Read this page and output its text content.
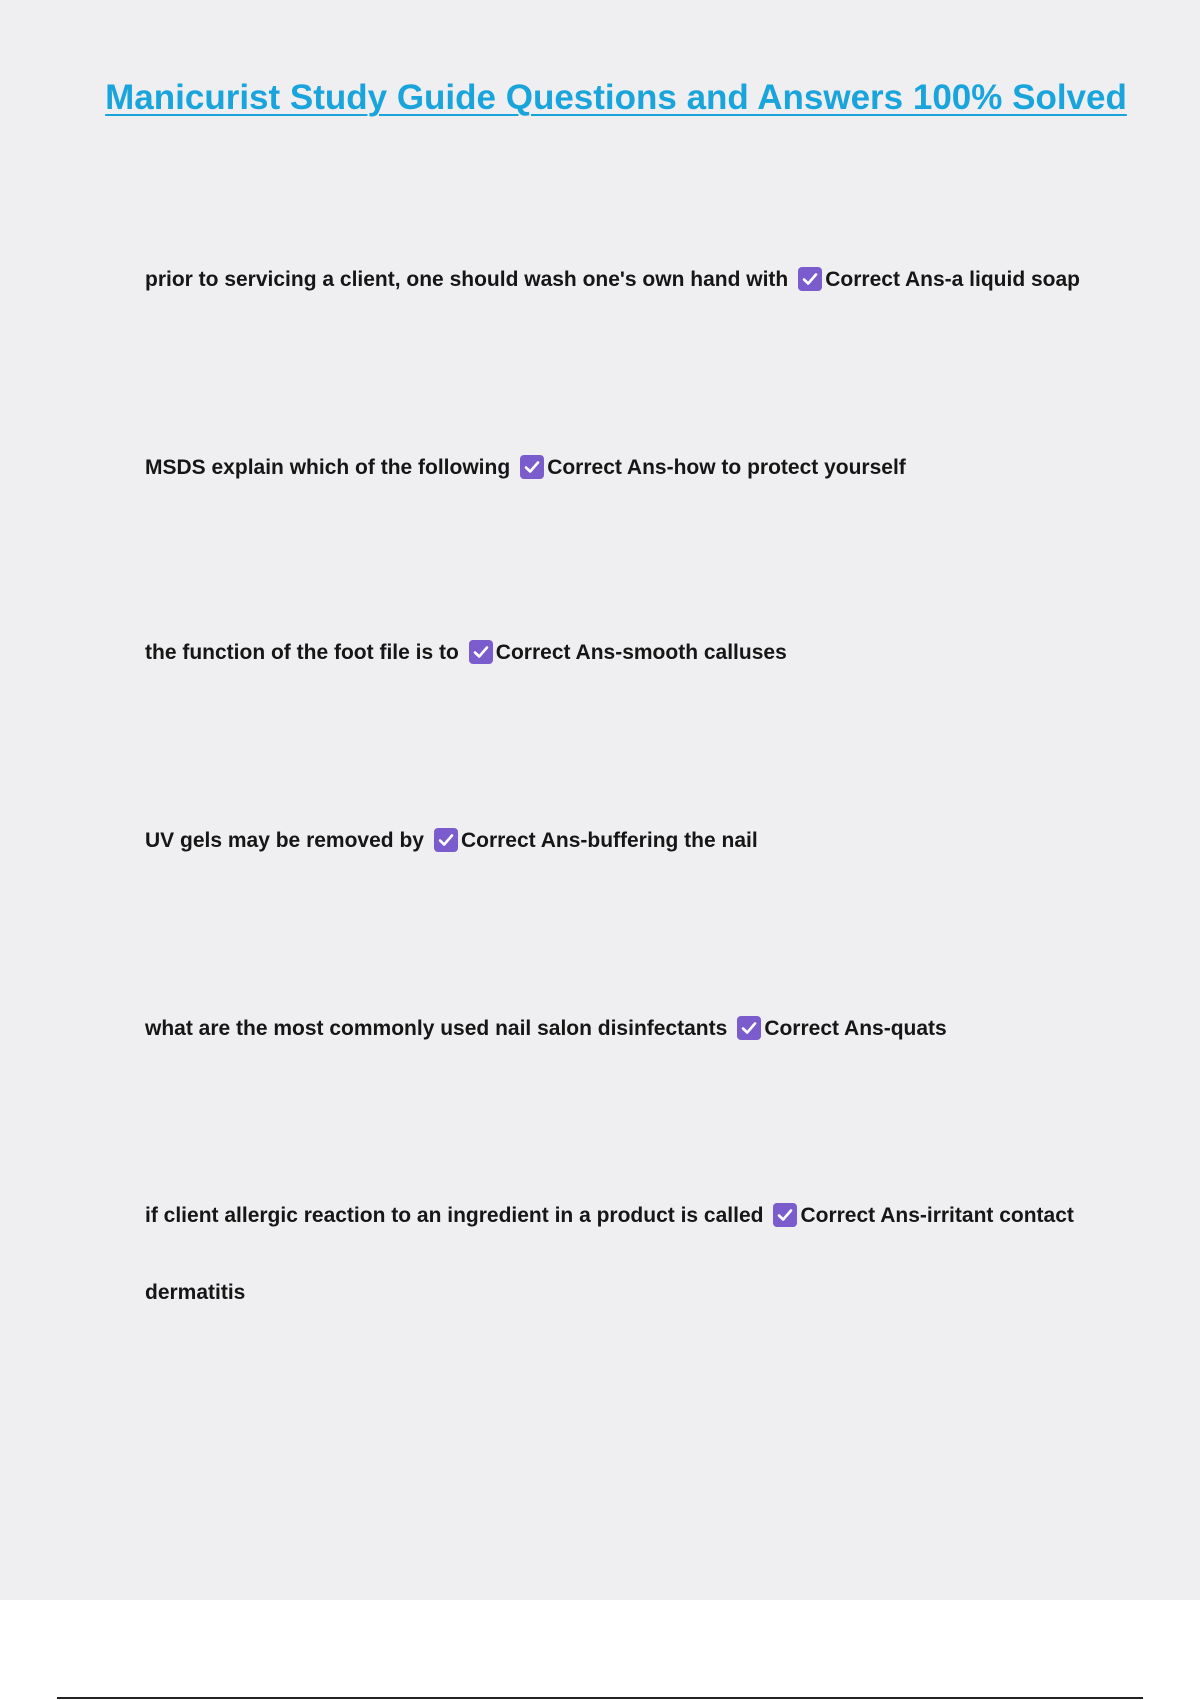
Manicurist Study Guide Questions and Answers 100% Solved

prior to servicing a client, one should wash one's own hand with Correct Ans-a liquid soap

MSDS explain which of the following Correct Ans-how to protect yourself

the function of the foot file is to Correct Ans-smooth calluses

UV gels may be removed by Correct Ans-buffering the nail

what are the most commonly used nail salon disinfectants Correct Ans-quats

if client allergic reaction to an ingredient in a product is called Correct Ans-irritant contact dermatitis
